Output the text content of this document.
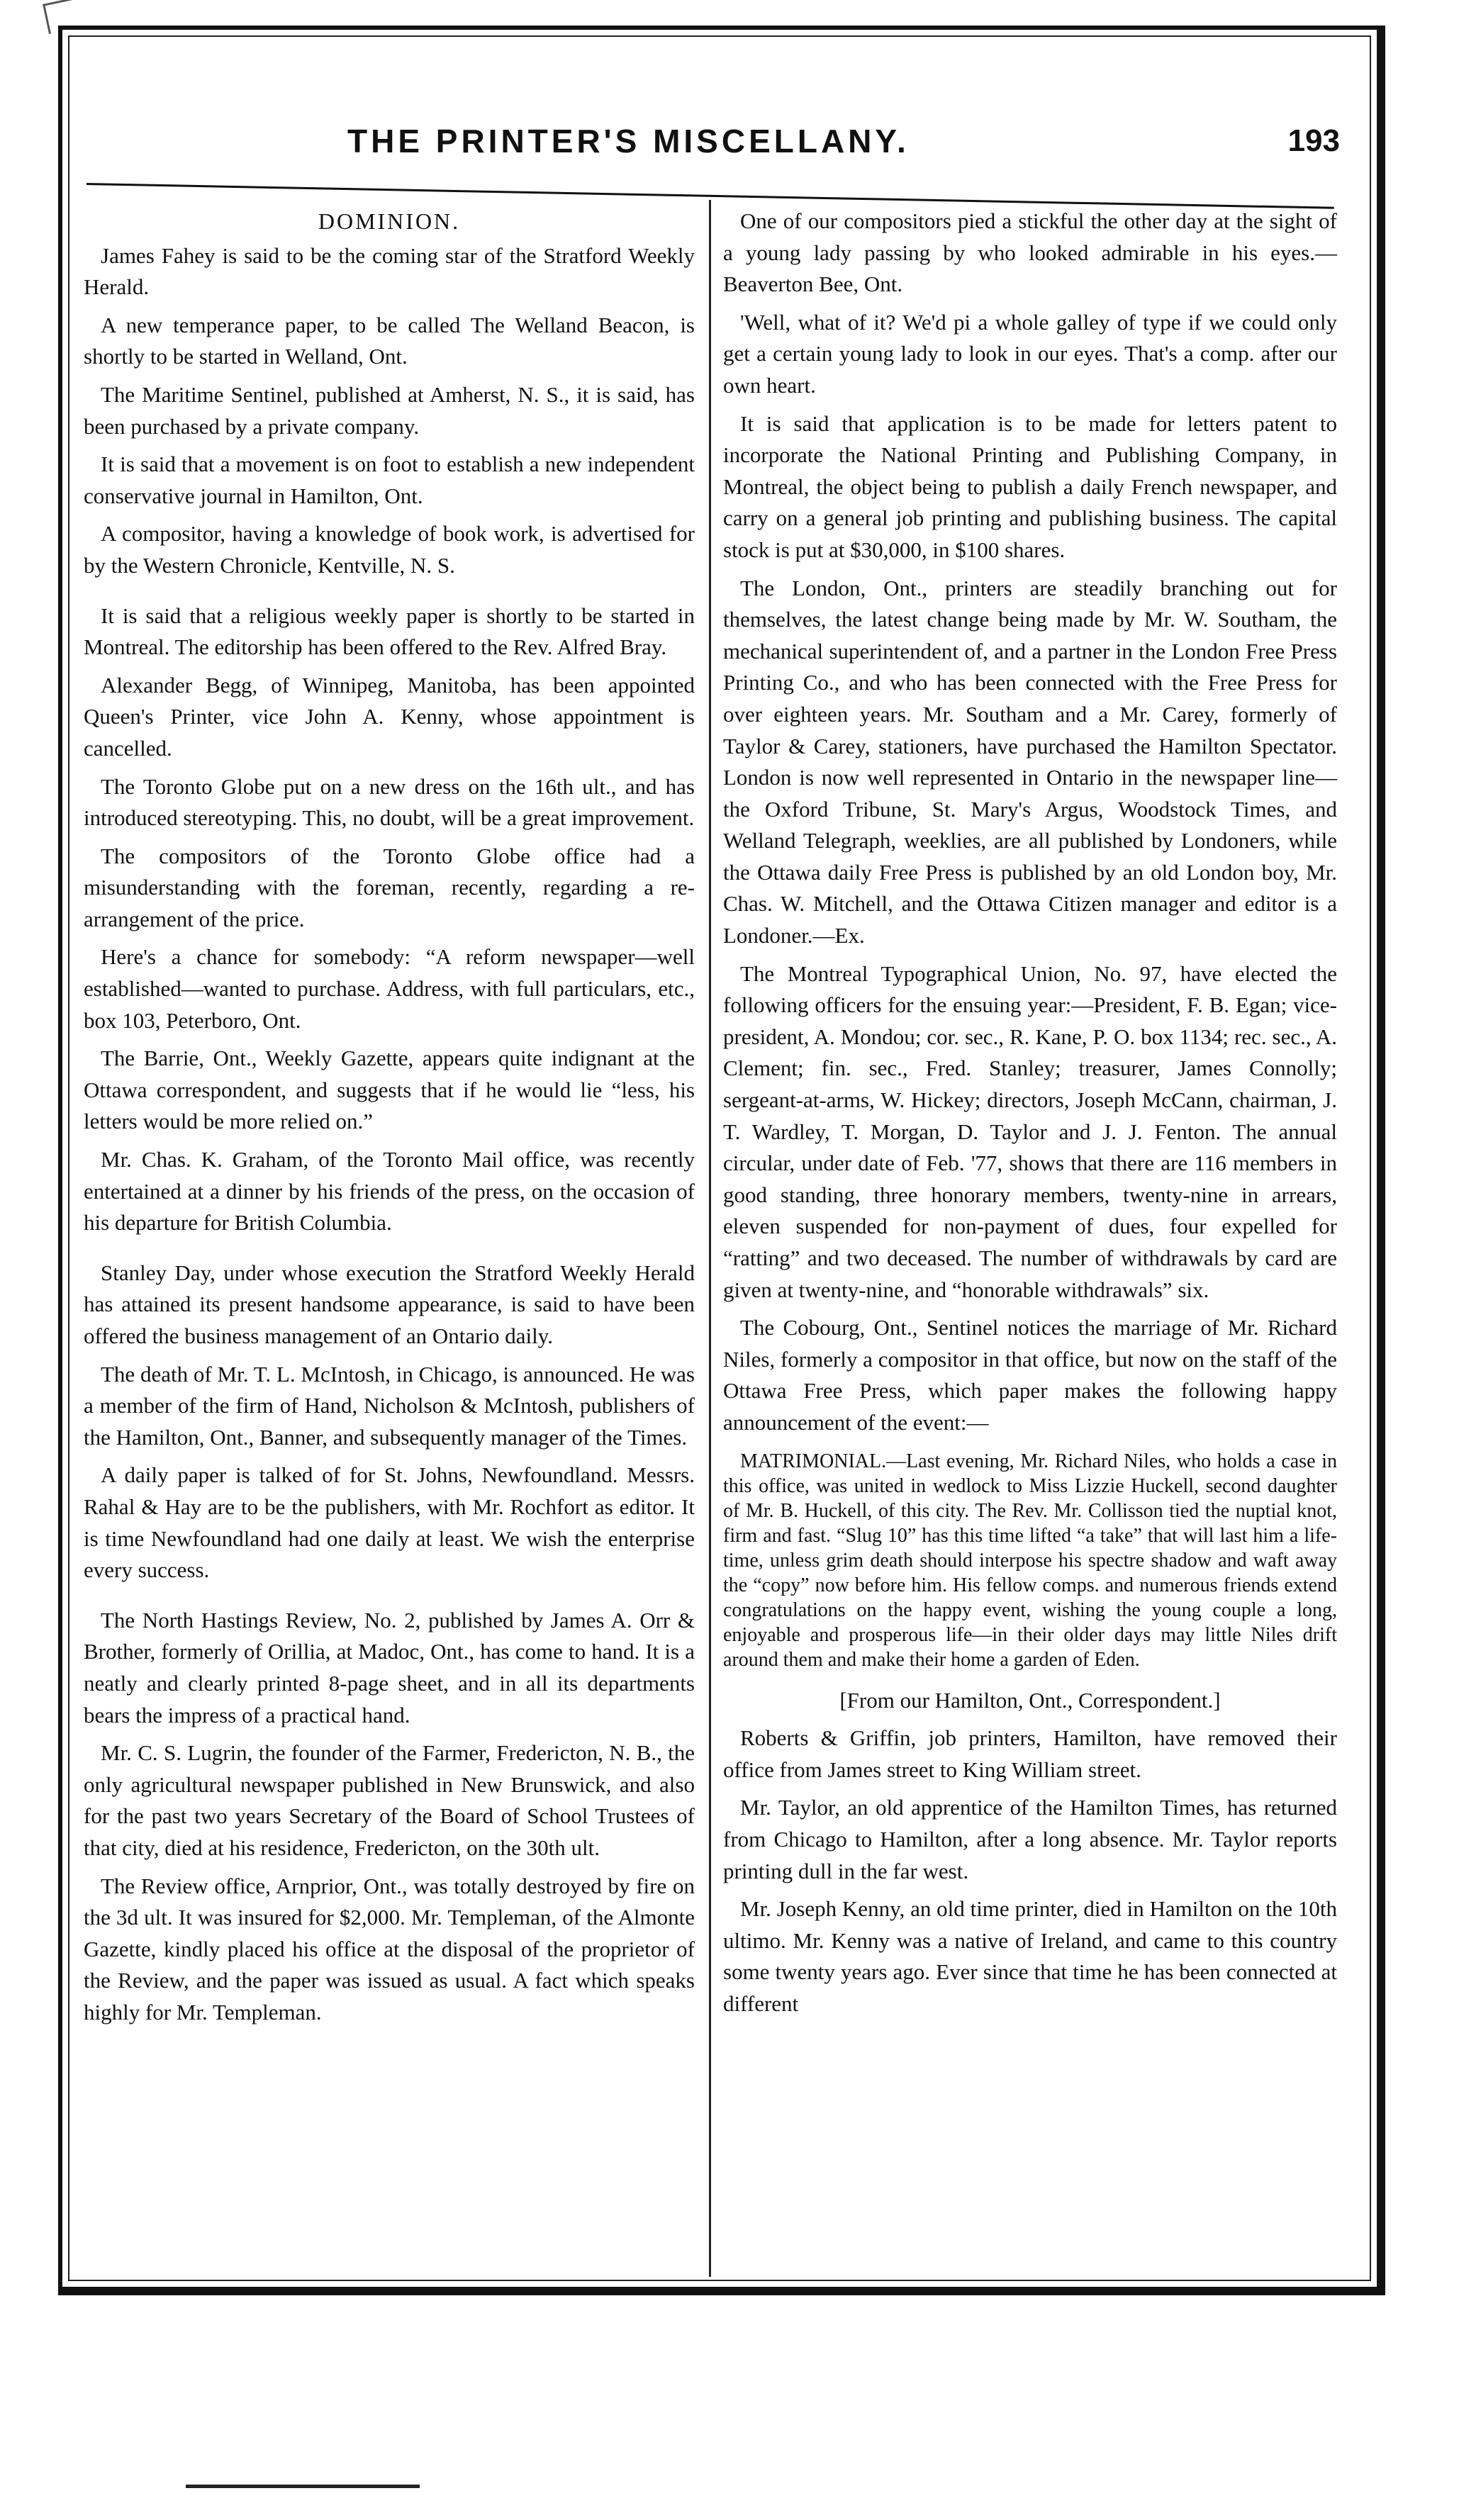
THE PRINTER'S MISCELLANY.	193

DOMINION.

James Fahey is said to be the coming star of the Stratford Weekly Herald.

A new temperance paper, to be called The Welland Beacon, is shortly to be started in Welland, Ont.

The Maritime Sentinel, published at Amherst, N. S., it is said, has been purchased by a private company.

It is said that a movement is on foot to establish a new independent conservative journal in Hamilton, Ont.

A compositor, having a knowledge of book work, is advertised for by the Western Chronicle, Kentville, N. S.

It is said that a religious weekly paper is shortly to be started in Montreal. The editorship has been offered to the Rev. Alfred Bray.

Alexander Begg, of Winnipeg, Manitoba, has been appointed Queen's Printer, vice John A. Kenny, whose appointment is cancelled.

The Toronto Globe put on a new dress on the 16th ult., and has introduced stereotyping. This, no doubt, will be a great improvement.

The compositors of the Toronto Globe office had a misunderstanding with the foreman, recently, regarding a re-arrangement of the price.

Here's a chance for somebody: “A reform newspaper—well established—wanted to purchase. Address, with full particulars, etc., box 103, Peterboro, Ont.

The Barrie, Ont., Weekly Gazette, appears quite indignant at the Ottawa correspondent, and suggests that if he would lie “less, his letters would be more relied on.”

Mr. Chas. K. Graham, of the Toronto Mail office, was recently entertained at a dinner by his friends of the press, on the occasion of his departure for British Columbia.

Stanley Day, under whose execution the Stratford Weekly Herald has attained its present handsome appearance, is said to have been offered the business management of an Ontario daily.

The death of Mr. T. L. McIntosh, in Chicago, is announced. He was a member of the firm of Hand, Nicholson & McIntosh, publishers of the Hamilton, Ont., Banner, and subsequently manager of the Times.

A daily paper is talked of for St. Johns, Newfoundland. Messrs. Rahal & Hay are to be the publishers, with Mr. Rochfort as editor. It is time Newfoundland had one daily at least. We wish the enterprise every success.

The North Hastings Review, No. 2, published by James A. Orr & Brother, formerly of Orillia, at Madoc, Ont., has come to hand. It is a neatly and clearly printed 8-page sheet, and in all its departments bears the impress of a practical hand.

Mr. C. S. Lugrin, the founder of the Farmer, Fredericton, N. B., the only agricultural newspaper published in New Brunswick, and also for the past two years Secretary of the Board of School Trustees of that city, died at his residence, Fredericton, on the 30th ult.

The Review office, Arnprior, Ont., was totally destroyed by fire on the 3d ult. It was insured for $2,000. Mr. Templeman, of the Almonte Gazette, kindly placed his office at the disposal of the proprietor of the Review, and the paper was issued as usual. A fact which speaks highly for Mr. Templeman.

One of our compositors pied a stickful the other day at the sight of a young lady passing by who looked admirable in his eyes.—Beaverton Bee, Ont.

'Well, what of it? We'd pi a whole galley of type if we could only get a certain young lady to look in our eyes. That's a comp. after our own heart.

It is said that application is to be made for letters patent to incorporate the National Printing and Publishing Company, in Montreal, the object being to publish a daily French newspaper, and carry on a general job printing and publishing business. The capital stock is put at $30,000, in $100 shares.

The London, Ont., printers are steadily branching out for themselves, the latest change being made by Mr. W. Southam, the mechanical superintendent of, and a partner in the London Free Press Printing Co., and who has been connected with the Free Press for over eighteen years. Mr. Southam and a Mr. Carey, formerly of Taylor & Carey, stationers, have purchased the Hamilton Spectator. London is now well represented in Ontario in the newspaper line—the Oxford Tribune, St. Mary's Argus, Woodstock Times, and Welland Telegraph, weeklies, are all published by Londoners, while the Ottawa daily Free Press is published by an old London boy, Mr. Chas. W. Mitchell, and the Ottawa Citizen manager and editor is a Londoner.—Ex.

The Montreal Typographical Union, No. 97, have elected the following officers for the ensuing year:—President, F. B. Egan; vice-president, A. Mondou; cor. sec., R. Kane, P. O. box 1134; rec. sec., A. Clement; fin. sec., Fred. Stanley; treasurer, James Connolly; sergeant-at-arms, W. Hickey; directors, Joseph McCann, chairman, J. T. Wardley, T. Morgan, D. Taylor and J. J. Fenton. The annual circular, under date of Feb. '77, shows that there are 116 members in good standing, three honorary members, twenty-nine in arrears, eleven suspended for non-payment of dues, four expelled for “ratting” and two deceased. The number of withdrawals by card are given at twenty-nine, and “honorable withdrawals” six.

The Cobourg, Ont., Sentinel notices the marriage of Mr. Richard Niles, formerly a compositor in that office, but now on the staff of the Ottawa Free Press, which paper makes the following happy announcement of the event:—

MATRIMONIAL.—Last evening, Mr. Richard Niles, who holds a case in this office, was united in wedlock to Miss Lizzie Huckell, second daughter of Mr. B. Huckell, of this city. The Rev. Mr. Collisson tied the nuptial knot, firm and fast. “Slug 10” has this time lifted “a take” that will last him a life-time, unless grim death should interpose his spectre shadow and waft away the “copy” now before him. His fellow comps. and numerous friends extend congratulations on the happy event, wishing the young couple a long, enjoyable and prosperous life—in their older days may little Niles drift around them and make their home a garden of Eden.

[From our Hamilton, Ont., Correspondent.]

Roberts & Griffin, job printers, Hamilton, have removed their office from James street to King William street.

Mr. Taylor, an old apprentice of the Hamilton Times, has returned from Chicago to Hamilton, after a long absence. Mr. Taylor reports printing dull in the far west.

Mr. Joseph Kenny, an old time printer, died in Hamilton on the 10th ultimo. Mr. Kenny was a native of Ireland, and came to this country some twenty years ago. Ever since that time he has been connected at different
